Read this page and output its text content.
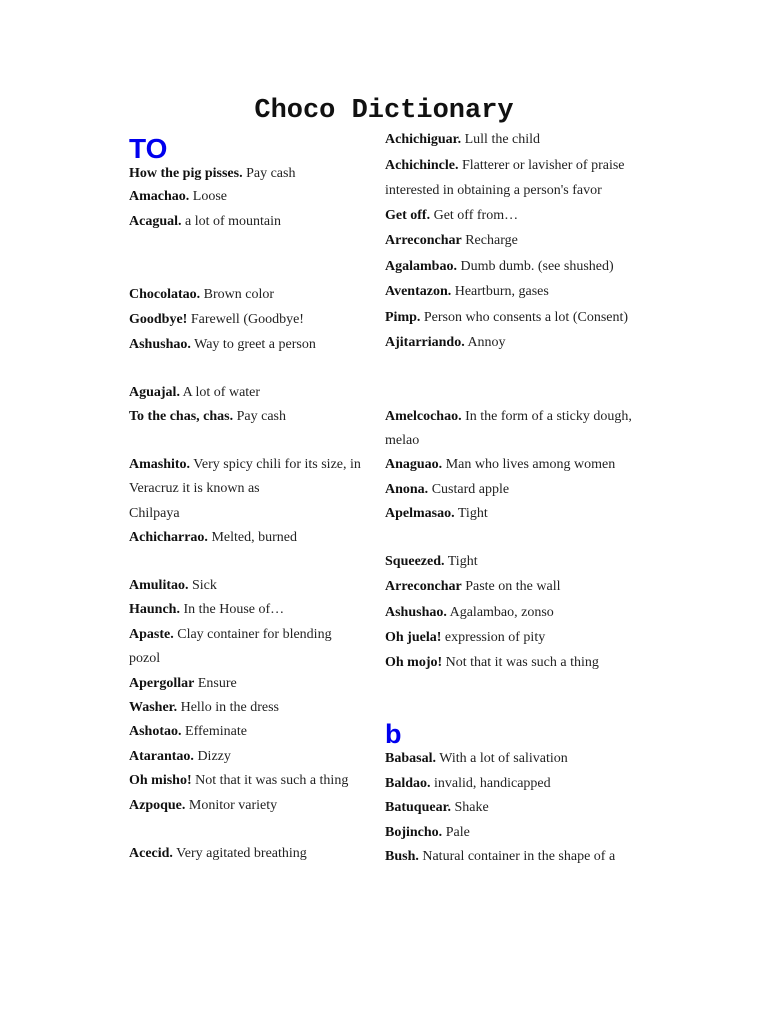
Choco Dictionary
TO
How the pig pisses. Pay cash
Amachao. Loose
Acagual. a lot of mountain
Chocolatao. Brown color
Goodbye! Farewell (Goodbye!
Ashushao. Way to greet a person
Aguajal. A lot of water
To the chas, chas. Pay cash
Amashito. Very spicy chili for its size, in
Veracruz it is known as
Chilpaya
Achicharrao. Melted, burned
Amulitao. Sick
Haunch. In the House of…
Apaste. Clay container for blending
pozol
Apergollar Ensure
Washer. Hello in the dress
Ashotao. Effeminate
Atarantao. Dizzy
Oh misho! Not that it was such a thing
Azpoque. Monitor variety
Acecid. Very agitated breathing
Achichiguar. Lull the child
Achichincle. Flatterer or lavisher of praise
interested in obtaining a person's favor
Get off. Get off from…
Arreconchar Recharge
Agalambao. Dumb dumb. (see shushed)
Aventazon. Heartburn, gases
Pimp. Person who consents a lot (Consent)
Ajitarriando. Annoy
Amelcochao. In the form of a sticky dough,
melao
Anaguao. Man who lives among women
Anona. Custard apple
Apelmasao. Tight
Squeezed. Tight
Arreconchar Paste on the wall
Ashushao. Agalambao, zonso
Oh juela! expression of pity
Oh mojo! Not that it was such a thing
b
Babasal. With a lot of salivation
Baldao. invalid, handicapped
Batuquear. Shake
Bojincho. Pale
Bush. Natural container in the shape of a
